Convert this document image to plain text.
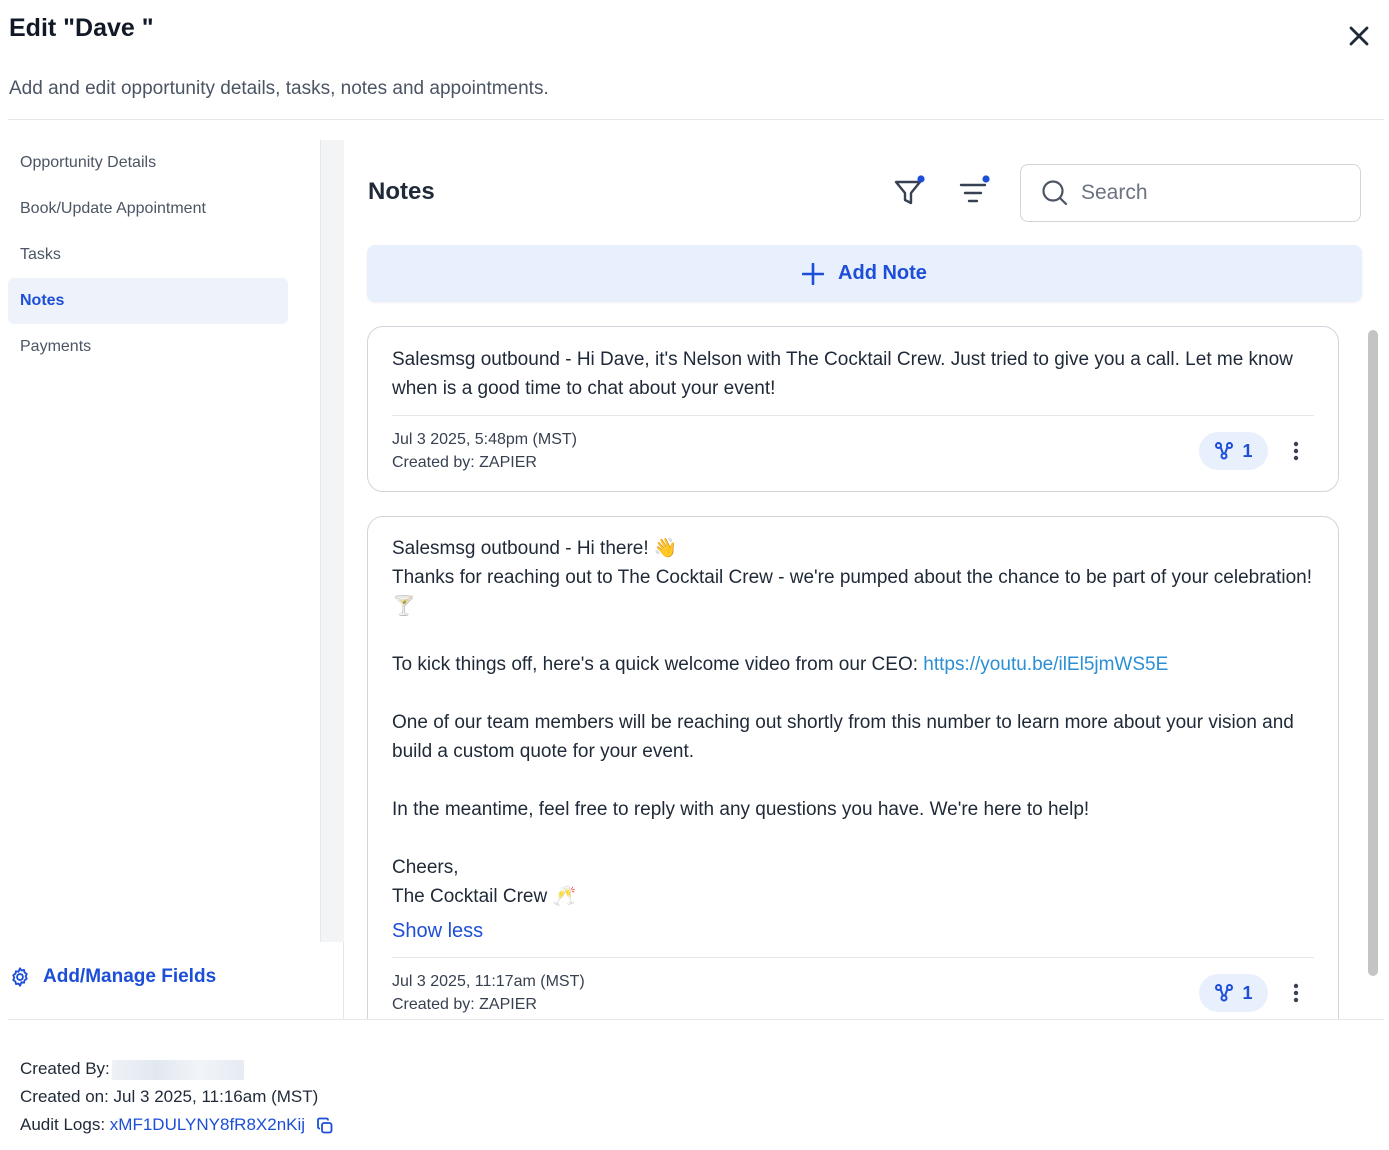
Edit "Dave "
Add and edit opportunity details, tasks, notes and appointments.
Opportunity Details
Book/Update Appointment
Tasks
Notes
Payments
Add/Manage Fields
Notes
Search
Add Note
Salesmsg outbound - Hi Dave, it's Nelson with The Cocktail Crew. Just tried to give you a call. Let me know when is a good time to chat about your event!
Jul 3 2025, 5:48pm (MST)
Created by: ZAPIER
1
Salesmsg outbound - Hi there! 👋
Thanks for reaching out to The Cocktail Crew - we're pumped about the chance to be part of your celebration! 🍸
To kick things off, here's a quick welcome video from our CEO: https://youtu.be/ilEl5jmWS5E
One of our team members will be reaching out shortly from this number to learn more about your vision and build a custom quote for your event.
In the meantime, feel free to reply with any questions you have. We're here to help!
Cheers,
The Cocktail Crew 🥂
Show less
Jul 3 2025, 11:17am (MST)
Created by: ZAPIER
1
Created By:
Created on: Jul 3 2025, 11:16am (MST)
Audit Logs: xMF1DULYNY8fR8X2nKij
